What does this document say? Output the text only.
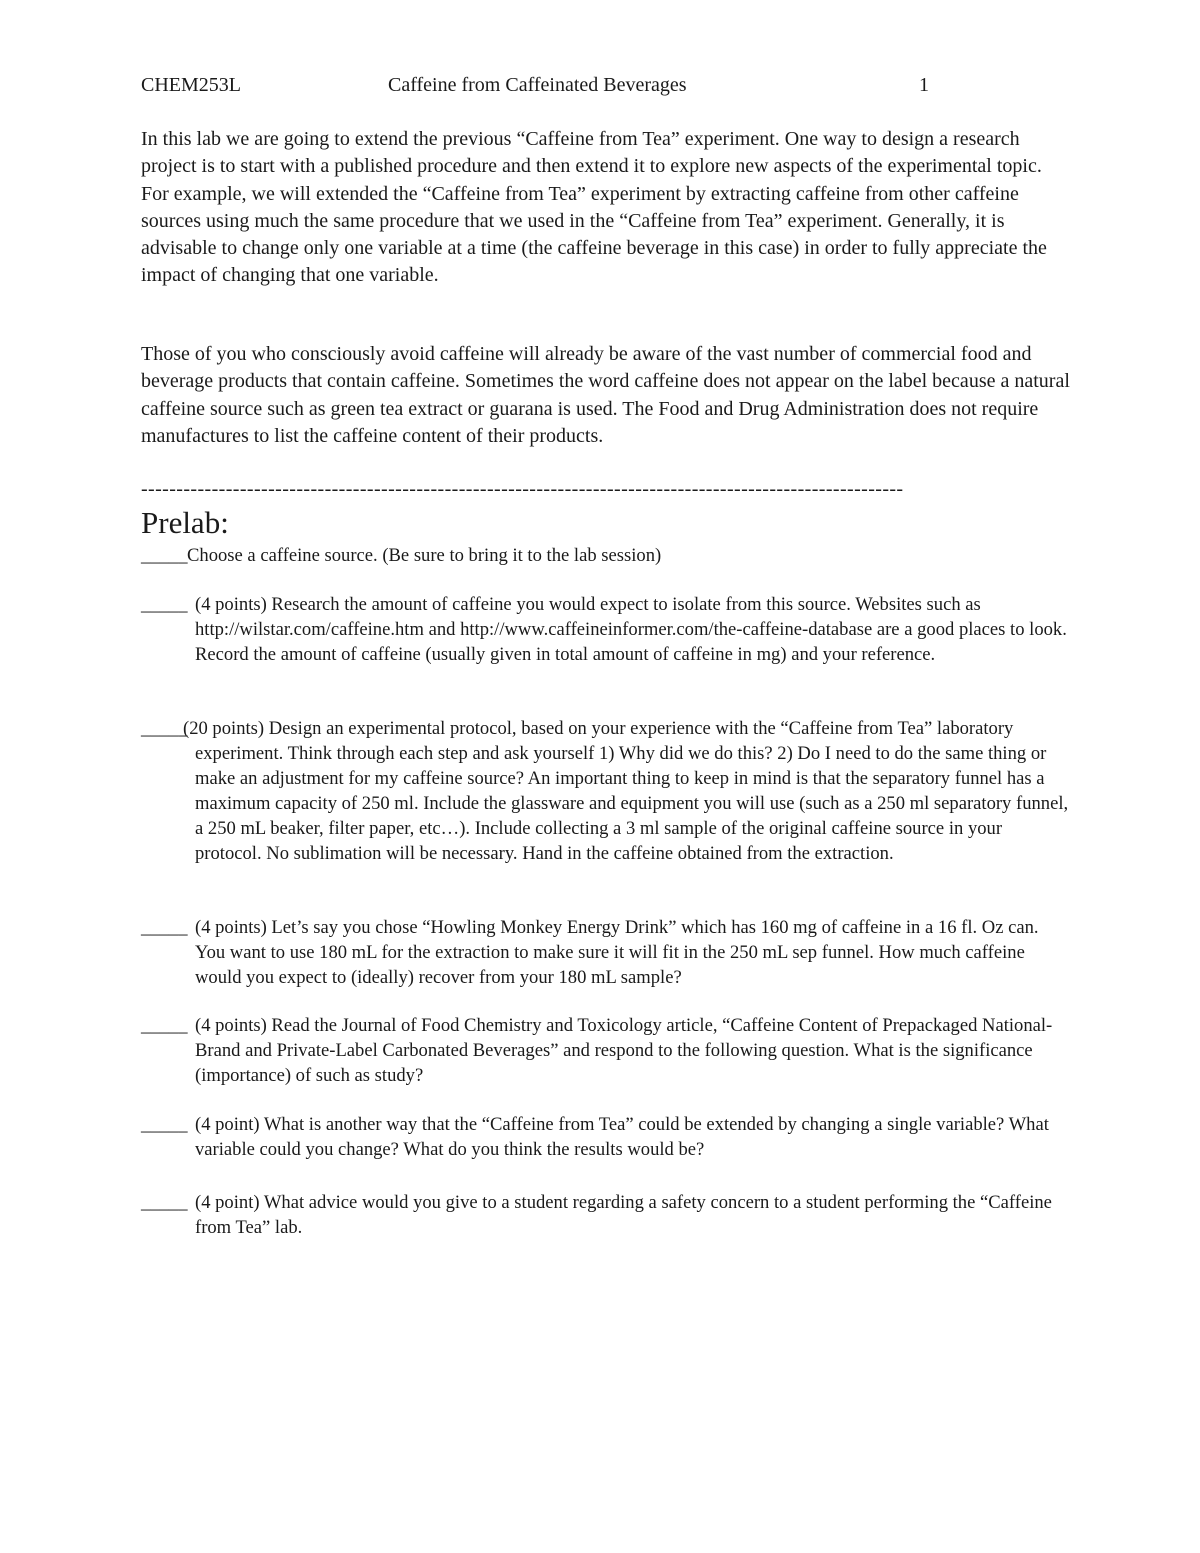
CHEM253L	Caffeine from Caffeinated Beverages	1

In this lab we are going to extend the previous “Caffeine from Tea” experiment. One way to design a research project is to start with a published procedure and then extend it to explore new aspects of the experimental topic. For example, we will extended the “Caffeine from Tea” experiment by extracting caffeine from other caffeine sources using much the same procedure that we used in the “Caffeine from Tea” experiment. Generally, it is advisable to change only one variable at a time (the caffeine beverage in this case) in order to fully appreciate the impact of changing that one variable.

Those of you who consciously avoid caffeine will already be aware of the vast number of commercial food and beverage products that contain caffeine. Sometimes the word caffeine does not appear on the label because a natural caffeine source such as green tea extract or guarana is used. The Food and Drug Administration does not require manufactures to list the caffeine content of their products.

------------------------------------------------------------------------------------------------------------
Prelab:
_____ Choose a caffeine source. (Be sure to bring it to the lab session)
_____ (4 points) Research the amount of caffeine you would expect to isolate from this source. Websites such as http://wilstar.com/caffeine.htm and http://www.caffeineinformer.com/the-caffeine-database are a good places to look. Record the amount of caffeine (usually given in total amount of caffeine in mg) and your reference.
_____
(20 points) Design an experimental protocol, based on your experience with the “Caffeine from Tea” laboratory experiment. Think through each step and ask yourself 1) Why did we do this? 2) Do I need to do the same thing or make an adjustment for my caffeine source? An important thing to keep in mind is that the separatory funnel has a maximum capacity of 250 ml. Include the glassware and equipment you will use (such as a 250 ml separatory funnel, a 250 mL beaker, filter paper, etc…). Include collecting a 3 ml sample of the original caffeine source in your protocol. No sublimation will be necessary. Hand in the caffeine obtained from the extraction.
_____ (4 points) Let’s say you chose “Howling Monkey Energy Drink” which has 160 mg of caffeine in a 16 fl. Oz can. You want to use 180 mL for the extraction to make sure it will fit in the 250 mL sep funnel. How much caffeine would you expect to (ideally) recover from your 180 mL sample?
_____ (4 points) Read the Journal of Food Chemistry and Toxicology article, “Caffeine Content of Prepackaged National-Brand and Private-Label Carbonated Beverages” and respond to the following question. What is the significance (importance) of such as study?
_____ (4 point) What is another way that the “Caffeine from Tea” could be extended by changing a single variable? What variable could you change? What do you think the results would be?
_____ (4 point) What advice would you give to a student regarding a safety concern to a student performing the “Caffeine from Tea” lab.
